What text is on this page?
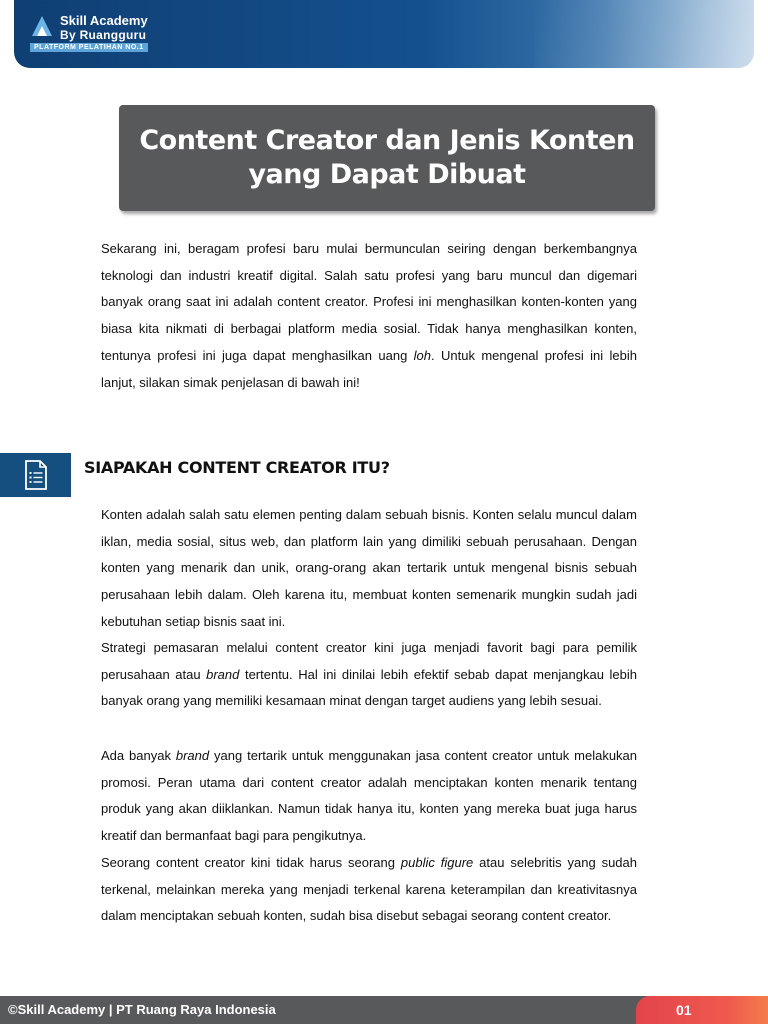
Skill Academy
By Ruangguru
PLATFORM PELATIHAN NO.1
Content Creator dan Jenis Konten yang Dapat Dibuat

Sekarang ini, beragam profesi baru mulai bermunculan seiring dengan berkembangnya teknologi dan industri kreatif digital. Salah satu profesi yang baru muncul dan digemari banyak orang saat ini adalah content creator. Profesi ini menghasilkan konten-konten yang biasa kita nikmati di berbagai platform media sosial. Tidak hanya menghasilkan konten, tentunya profesi ini juga dapat menghasilkan uang loh. Untuk mengenal profesi ini lebih lanjut, silakan simak penjelasan di bawah ini!

SIAPAKAH CONTENT CREATOR ITU?

Konten adalah salah satu elemen penting dalam sebuah bisnis. Konten selalu muncul dalam iklan, media sosial, situs web, dan platform lain yang dimiliki sebuah perusahaan. Dengan konten yang menarik dan unik, orang-orang akan tertarik untuk mengenal bisnis sebuah perusahaan lebih dalam. Oleh karena itu, membuat konten semenarik mungkin sudah jadi kebutuhan setiap bisnis saat ini.

Strategi pemasaran melalui content creator kini juga menjadi favorit bagi para pemilik perusahaan atau brand tertentu. Hal ini dinilai lebih efektif sebab dapat menjangkau lebih banyak orang yang memiliki kesamaan minat dengan target audiens yang lebih sesuai.

Ada banyak brand yang tertarik untuk menggunakan jasa content creator untuk melakukan promosi. Peran utama dari content creator adalah menciptakan konten menarik tentang produk yang akan diiklankan. Namun tidak hanya itu, konten yang mereka buat juga harus kreatif dan bermanfaat bagi para pengikutnya.

Seorang content creator kini tidak harus seorang public figure atau selebritis yang sudah terkenal, melainkan mereka yang menjadi terkenal karena keterampilan dan kreativitasnya dalam menciptakan sebuah konten, sudah bisa disebut sebagai seorang content creator.

©Skill Academy | PT Ruang Raya Indonesia	01
